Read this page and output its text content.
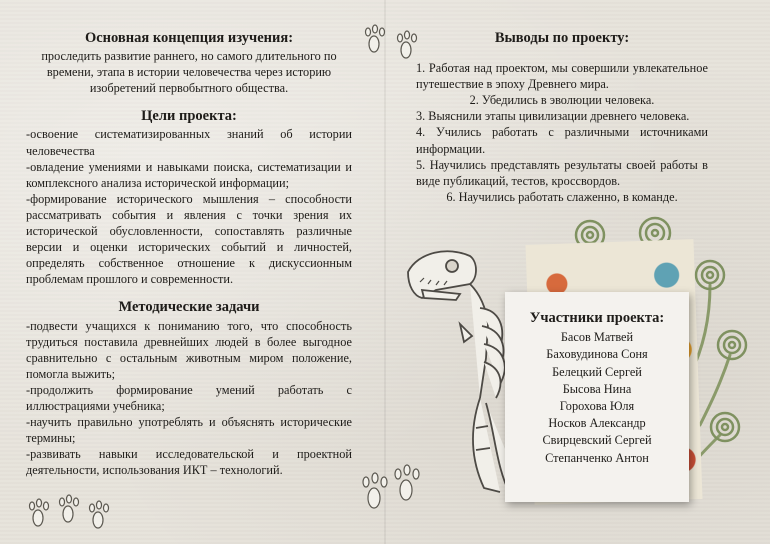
Основная концепция изучения:

проследить развитие раннего, но самого длительного по времени, этапа в истории человечества через историю изобретений первобытного общества.

Цели проекта:

-освоение систематизированных знаний об истории человечества

-овладение умениями и навыками поиска, систематизации и комплексного анализа исторической информации;

-формирование исторического мышления – способности рассматривать события и явления с точки зрения их исторической обусловленности, сопоставлять различные версии и оценки исторических событий и личностей, определять собственное отношение к дискуссионным проблемам прошлого и современности.

Методические задачи

-подвести учащихся к пониманию того, что способность трудиться поставила древнейших людей в более выгодное сравнительно с остальным животным миром положение, помогла выжить;

-продолжить формирование умений работать с иллюстрациями учебника;

-научить правильно употреблять и объяснять исторические термины;

-развивать навыки исследовательской и проектной деятельности, использования ИКТ – технологий.

Выводы по проекту:

1. Работая над проектом, мы совершили увлекательное путешествие в эпоху Древнего мира.

2. Убедились в эволюции человека.

3. Выяснили этапы цивилизации древнего человека.

4. Учились работать с различными источниками информации.

5. Научились представлять результаты своей работы в виде публикаций, тестов, кроссвордов.

6. Научились работать слаженно, в команде.

Участники проекта:
Басов Матвей
Баховудинова Соня
Белецкий Сергей
Бысова Нина
Горохова Юля
Носков Александр
Свирцевский Сергей
Степанченко Антон
